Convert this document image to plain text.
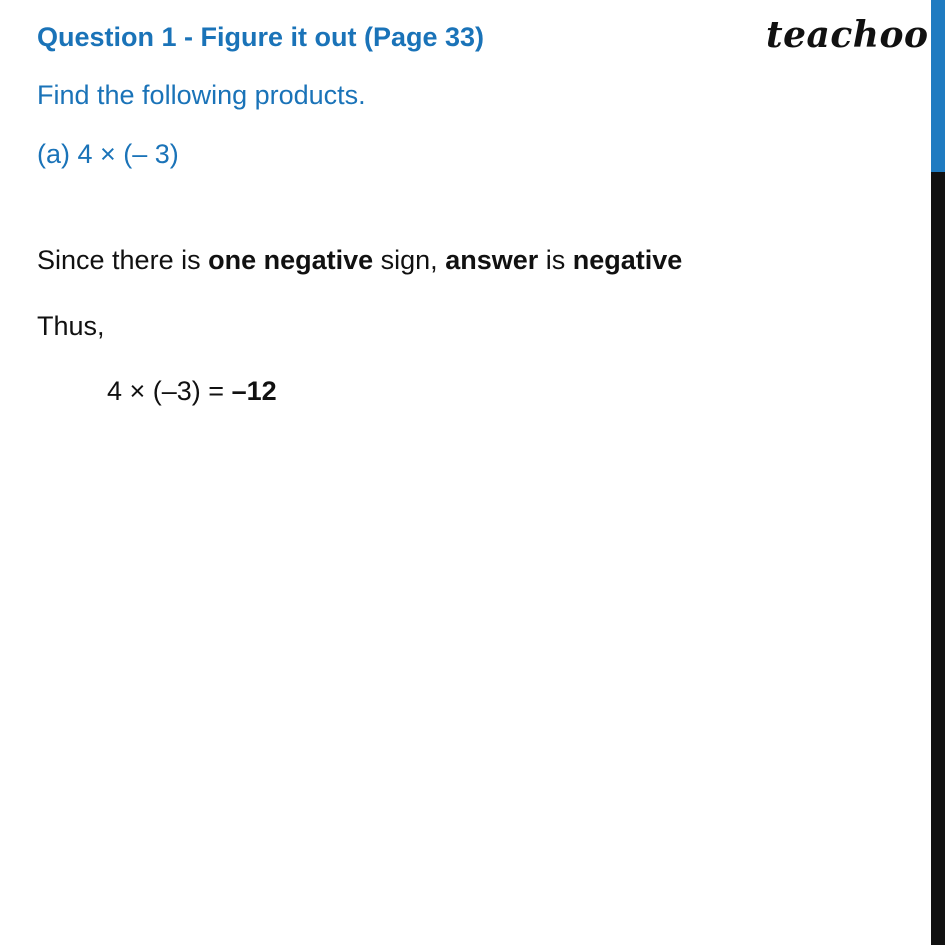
Question 1 - Figure it out (Page 33)	teachoo
Find the following products.
(a) 4 × (– 3)
Since there is one negative sign, answer is negative
Thus,
4 × (–3) = –12
